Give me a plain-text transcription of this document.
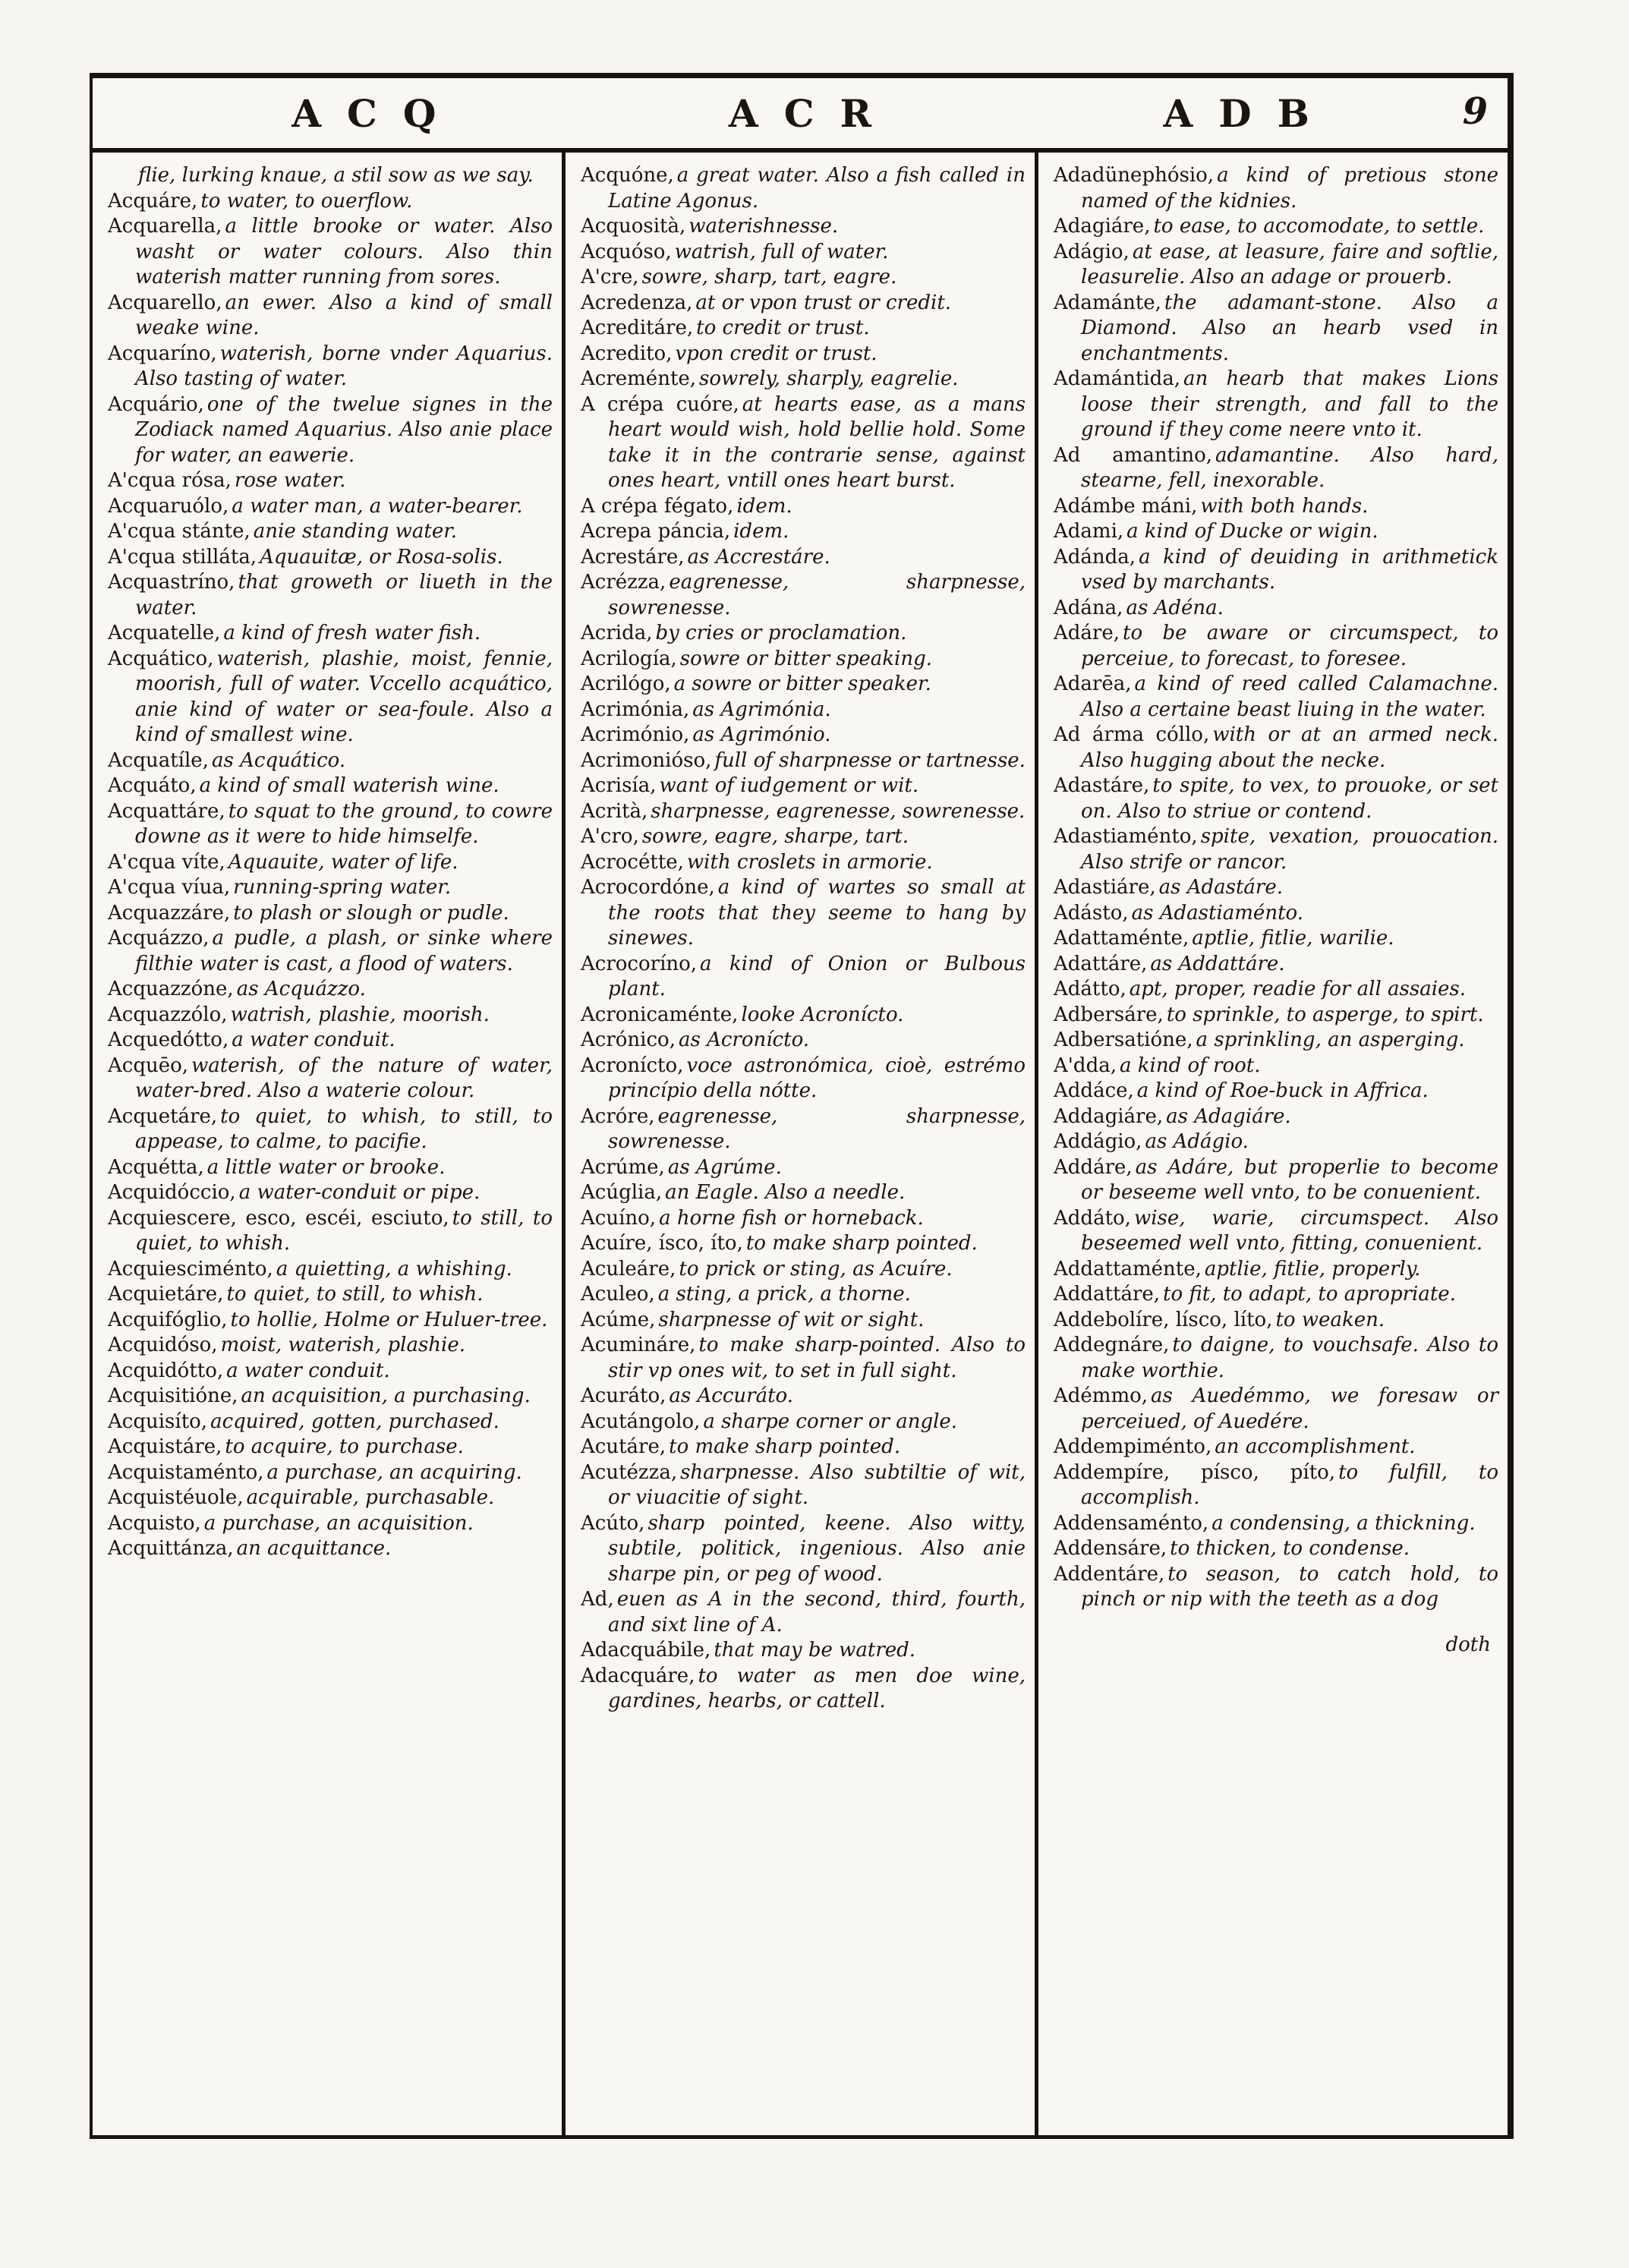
ACQ	ACR	ADB	9

flie, lurking knaue, a stil sow as we say.

Acquáre, to water, to ouerflow.

Acquarella, a little brooke or water. Also washt or water colours. Also thin waterish matter running from sores.

Acquarello, an ewer. Also a kind of small weake wine.

Acquaríno, waterish, borne vnder Aquarius. Also tasting of water.

Acquário, one of the twelue signes in the Zodiack named Aquarius. Also anie place for water, an eawerie.

A'cqua rósa, rose water.

Acquaruólo, a water man, a water-bearer.

A'cqua stánte, anie standing water.

A'cqua stilláta, Aquauitæ, or Rosa-solis.

Acquastríno, that groweth or liueth in the water.

Acquatelle, a kind of fresh water fish.

Acquático, waterish, plashie, moist, fennie, moorish, full of water. Vccello acquático, anie kind of water or sea-foule. Also a kind of smallest wine.

Acquatíle, as Acquático.

Acquáto, a kind of small waterish wine.

Acquattáre, to squat to the ground, to cowre downe as it were to hide himselfe.

A'cqua víte, Aquauite, water of life.

A'cqua víua, running-spring water.

Acquazzáre, to plash or slough or pudle.

Acquázzo, a pudle, a plash, or sinke where filthie water is cast, a flood of waters.

Acquazzóne, as Acquázzo.

Acquazzólo, watrish, plashie, moorish.

Acquedótto, a water conduit.

Acquēo, waterish, of the nature of water, water-bred. Also a waterie colour.

Acquetáre, to quiet, to whish, to still, to appease, to calme, to pacifie.

Acquétta, a little water or brooke.

Acquidóccio, a water-conduit or pipe.

Acquiescere, esco, escéi, esciuto, to still, to quiet, to whish.

Acquiesciménto, a quietting, a whishing.

Acquietáre, to quiet, to still, to whish.

Acquifóglio, to hollie, Holme or Huluer-tree.

Acquidóso, moist, waterish, plashie.

Acquidótto, a water conduit.

Acquisitióne, an acquisition, a purchasing.

Acquisíto, acquired, gotten, purchased.

Acquistáre, to acquire, to purchase.

Acquistaménto, a purchase, an acquiring.

Acquistéuole, acquirable, purchasable.

Acquisto, a purchase, an acquisition.

Acquittánza, an acquittance.

Acquóne, a great water. Also a fish called in Latine Agonus.

Acquosità, waterishnesse.

Acquóso, watrish, full of water.

A'cre, sowre, sharp, tart, eagre.

Acredenza, at or vpon trust or credit.

Acreditáre, to credit or trust.

Acredito, vpon credit or trust.

Acreménte, sowrely, sharply, eagrelie.

A crépa cuóre, at hearts ease, as a mans heart would wish, hold bellie hold. Some take it in the contrarie sense, against ones heart, vntill ones heart burst.

A crépa fégato, idem.

Acrepa páncia, idem.

Acrestáre, as Accrestáre.

Acrézza, eagrenesse, sharpnesse, sowrenesse.

Acrida, by cries or proclamation.

Acrilogía, sowre or bitter speaking.

Acrilógo, a sowre or bitter speaker.

Acrimónia, as Agrimónia.

Acrimónio, as Agrimónio.

Acrimonióso, full of sharpnesse or tartnesse.

Acrisía, want of iudgement or wit.

Acrità, sharpnesse, eagrenesse, sowrenesse.

A'cro, sowre, eagre, sharpe, tart.

Acrocétte, with croslets in armorie.

Acrocordóne, a kind of wartes so small at the roots that they seeme to hang by sinewes.

Acrocoríno, a kind of Onion or Bulbous plant.

Acronicaménte, looke Acronícto.

Acrónico, as Acronícto.

Acronícto, voce astronómica, cioè, estrémo princípio della nótte.

Acróre, eagrenesse, sharpnesse, sowrenesse.

Acrúme, as Agrúme.

Acúglia, an Eagle. Also a needle.

Acuíno, a horne fish or horneback.

Acuíre, ísco, íto, to make sharp pointed.

Aculeáre, to prick or sting, as Acuíre.

Aculeo, a sting, a prick, a thorne.

Acúme, sharpnesse of wit or sight.

Acumináre, to make sharp-pointed. Also to stir vp ones wit, to set in full sight.

Acuráto, as Accuráto.

Acutángolo, a sharpe corner or angle.

Acutáre, to make sharp pointed.

Acutézza, sharpnesse. Also subtiltie of wit, or viuacitie of sight.

Acúto, sharp pointed, keene. Also witty, subtile, politick, ingenious. Also anie sharpe pin, or peg of wood.

Ad, euen as A in the second, third, fourth, and sixt line of A.

Adacquábile, that may be watred.

Adacquáre, to water as men doe wine, gardines, hearbs, or cattell.

Adadünephósio, a kind of pretious stone named of the kidnies.

Adagiáre, to ease, to accomodate, to settle.

Adágio, at ease, at leasure, faire and softlie, leasurelie. Also an adage or prouerb.

Adamánte, the adamant-stone. Also a Diamond. Also an hearb vsed in enchantments.

Adamántida, an hearb that makes Lions loose their strength, and fall to the ground if they come neere vnto it.

Ad amantino, adamantine. Also hard, stearne, fell, inexorable.

Adámbe máni, with both hands.

Adami, a kind of Ducke or wigin.

Adánda, a kind of deuiding in arithmetick vsed by marchants.

Adána, as Adéna.

Adáre, to be aware or circumspect, to perceiue, to forecast, to foresee.

Adarēa, a kind of reed called Calamachne. Also a certaine beast liuing in the water.

Ad árma cóllo, with or at an armed neck. Also hugging about the necke.

Adastáre, to spite, to vex, to prouoke, or set on. Also to striue or contend.

Adastiaménto, spite, vexation, prouocation. Also strife or rancor.

Adastiáre, as Adastáre.

Adásto, as Adastiaménto.

Adattaménte, aptlie, fitlie, warilie.

Adattáre, as Addattáre.

Adátto, apt, proper, readie for all assaies.

Adbersáre, to sprinkle, to asperge, to spirt.

Adbersatióne, a sprinkling, an asperging.

A'dda, a kind of root.

Addáce, a kind of Roe-buck in Affrica.

Addagiáre, as Adagiáre.

Addágio, as Adágio.

Addáre, as Adáre, but properlie to become or beseeme well vnto, to be conuenient.

Addáto, wise, warie, circumspect. Also beseemed well vnto, fitting, conuenient.

Addattaménte, aptlie, fitlie, properly.

Addattáre, to fit, to adapt, to apropriate.

Addebolíre, lísco, líto, to weaken.

Addegnáre, to daigne, to vouchsafe. Also to make worthie.

Adémmo, as Auedémmo, we foresaw or perceiued, of Auedére.

Addempiménto, an accomplishment.

Addempíre, písco, píto, to fulfill, to accomplish.

Addensaménto, a condensing, a thickning.

Addensáre, to thicken, to condense.

Addentáre, to season, to catch hold, to pinch or nip with the teeth as a dog

doth
